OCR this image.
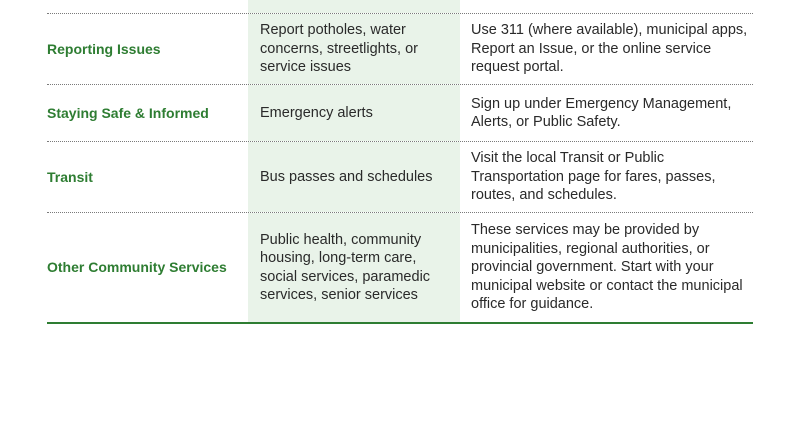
Reporting Issues
Report potholes, water concerns, streetlights, or service issues
Use 311 (where available), municipal apps, Report an Issue, or the online service request portal.
Staying Safe & Informed	Emergency alerts
Sign up under Emergency Management, Alerts, or Public Safety.
Transit	Bus passes and schedules
Visit the local Transit or Public Transportation page for fares, passes, routes, and schedules.
Other Community Services
Public health, community housing, long-term care, social services, paramedic services, senior services
These services may be provided by municipalities, regional authorities, or provincial government. Start with your municipal website or contact the municipal office for guidance.
